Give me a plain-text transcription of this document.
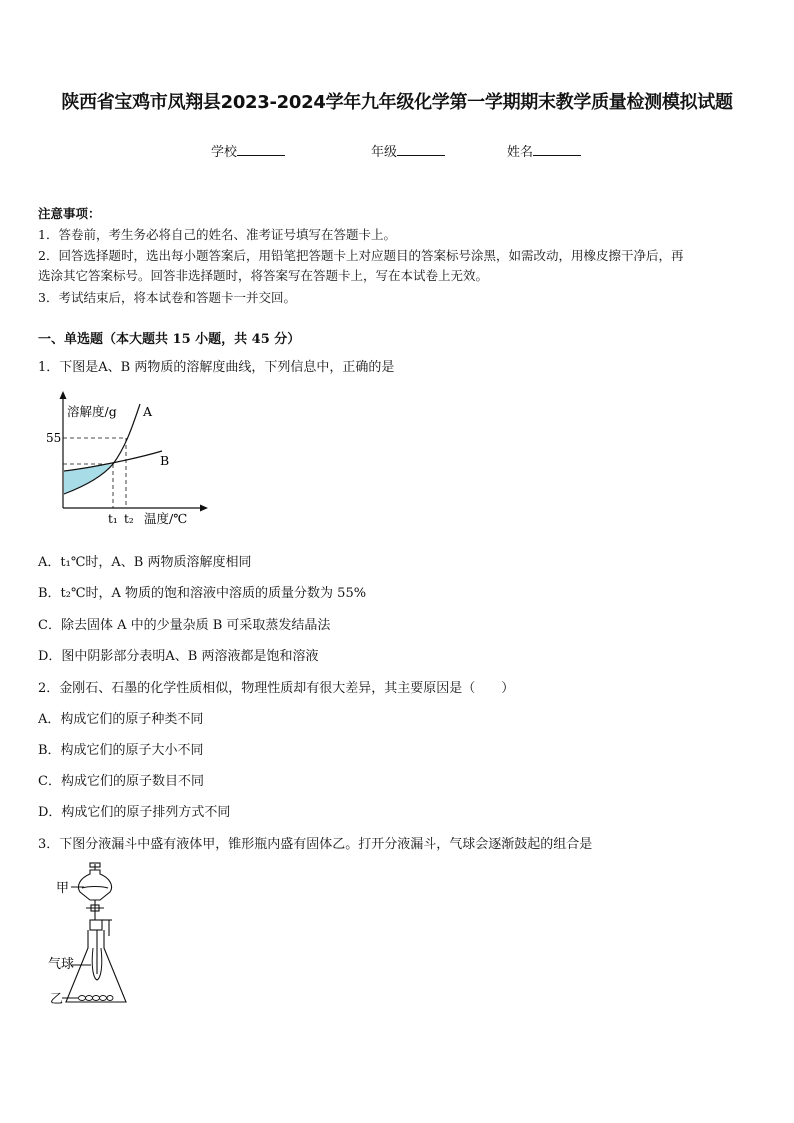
陕西省宝鸡市凤翔县2023-2024学年九年级化学第一学期期末教学质量检测模拟试题
学校	年级	姓名
注意事项：
1．答卷前，考生务必将自己的姓名、准考证号填写在答题卡上。
2．回答选择题时，选出每小题答案后，用铅笔把答题卡上对应题目的答案标号涂黑，如需改动，用橡皮擦干净后，再
选涂其它答案标号。回答非选择题时，将答案写在答题卡上，写在本试卷上无效。
3．考试结束后，将本试卷和答题卡一并交回。
一、单选题（本大题共 15 小题，共 45 分）
1．下图是A、B 两物质的溶解度曲线，下列信息中，正确的是
溶解度/g A
B
55
t₁ t₂ 温度/℃
A．t₁℃时，A、B 两物质溶解度相同
B．t₂℃时，A 物质的饱和溶液中溶质的质量分数为 55%
C．除去固体 A 中的少量杂质 B 可采取蒸发结晶法
D．图中阴影部分表明A、B 两溶液都是饱和溶液
2．金刚石、石墨的化学性质相似，物理性质却有很大差异，其主要原因是（　　）
A．构成它们的原子种类不同
B．构成它们的原子大小不同
C．构成它们的原子数目不同
D．构成它们的原子排列方式不同
3．下图分液漏斗中盛有液体甲，锥形瓶内盛有固体乙。打开分液漏斗，气球会逐渐鼓起的组合是
甲
气球
乙
